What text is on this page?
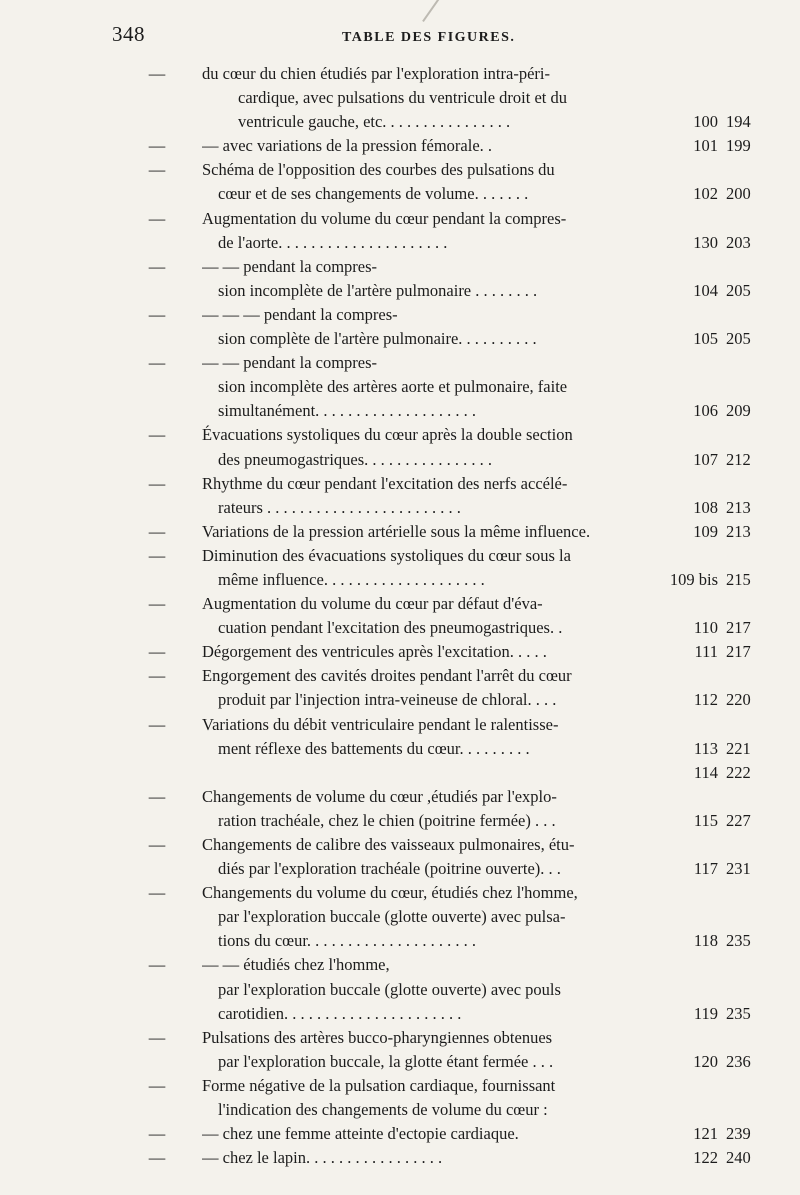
348	TABLE DES FIGURES.
— du cœur du chien étudiés par l'exploration intra-péri-
cardique, avec pulsations du ventricule droit et du
ventricule gauche, etc. . . . . . . . . . . . . . . .	100 194
— — avec variations de la pression fémorale. .	101 199
— Schéma de l'opposition des courbes des pulsations du
cœur et de ses changements de volume. . . . . . .	102 200
— Augmentation du volume du cœur pendant la compres-
de l'aorte. . . . . . . . . . . . . . . . . . . . .	130 203
— — — pendant la compres-
sion incomplète de l'artère pulmonaire . . . . . . . .	104 205
— — — — pendant la compres-
sion complète de l'artère pulmonaire. . . . . . . . . .	105 205
— — — pendant la compres-
sion incomplète des artères aorte et pulmonaire, faite
simultanément. . . . . . . . . . . . . . . . . . . .	106 209
— Évacuations systoliques du cœur après la double section
des pneumogastriques. . . . . . . . . . . . . . . .	107 212
— Rhythme du cœur pendant l'excitation des nerfs accélé-
rateurs . . . . . . . . . . . . . . . . . . . . . . . .	108 213
— Variations de la pression artérielle sous la même influence.	109 213
— Diminution des évacuations systoliques du cœur sous la
même influence. . . . . . . . . . . . . . . . . . . .	109 bis 215
— Augmentation du volume du cœur par défaut d'éva-
cuation pendant l'excitation des pneumogastriques. .	110 217
— Dégorgement des ventricules après l'excitation. . . . .	111 217
— Engorgement des cavités droites pendant l'arrêt du cœur
produit par l'injection intra-veineuse de chloral. . . .	112 220
— Variations du débit ventriculaire pendant le ralentisse-
ment réflexe des battements du cœur. . . . . . . . .	113 221
114 222
— Changements de volume du cœur ,étudiés par l'explo-
ration trachéale, chez le chien (poitrine fermée) . . .	115 227
— Changements de calibre des vaisseaux pulmonaires, étu-
diés par l'exploration trachéale (poitrine ouverte). . .	117 231
— Changements du volume du cœur, étudiés chez l'homme,
par l'exploration buccale (glotte ouverte) avec pulsa-
tions du cœur. . . . . . . . . . . . . . . . . . . . .	118 235
— — — étudiés chez l'homme,
par l'exploration buccale (glotte ouverte) avec pouls
carotidien. . . . . . . . . . . . . . . . . . . . . .	119 235
— Pulsations des artères bucco-pharyngiennes obtenues
par l'exploration buccale, la glotte étant fermée . . .	120 236
— Forme négative de la pulsation cardiaque, fournissant
l'indication des changements de volume du cœur :
— — chez une femme atteinte d'ectopie cardiaque.	121 239
— — chez le lapin. . . . . . . . . . . . . . . . .	122 240
